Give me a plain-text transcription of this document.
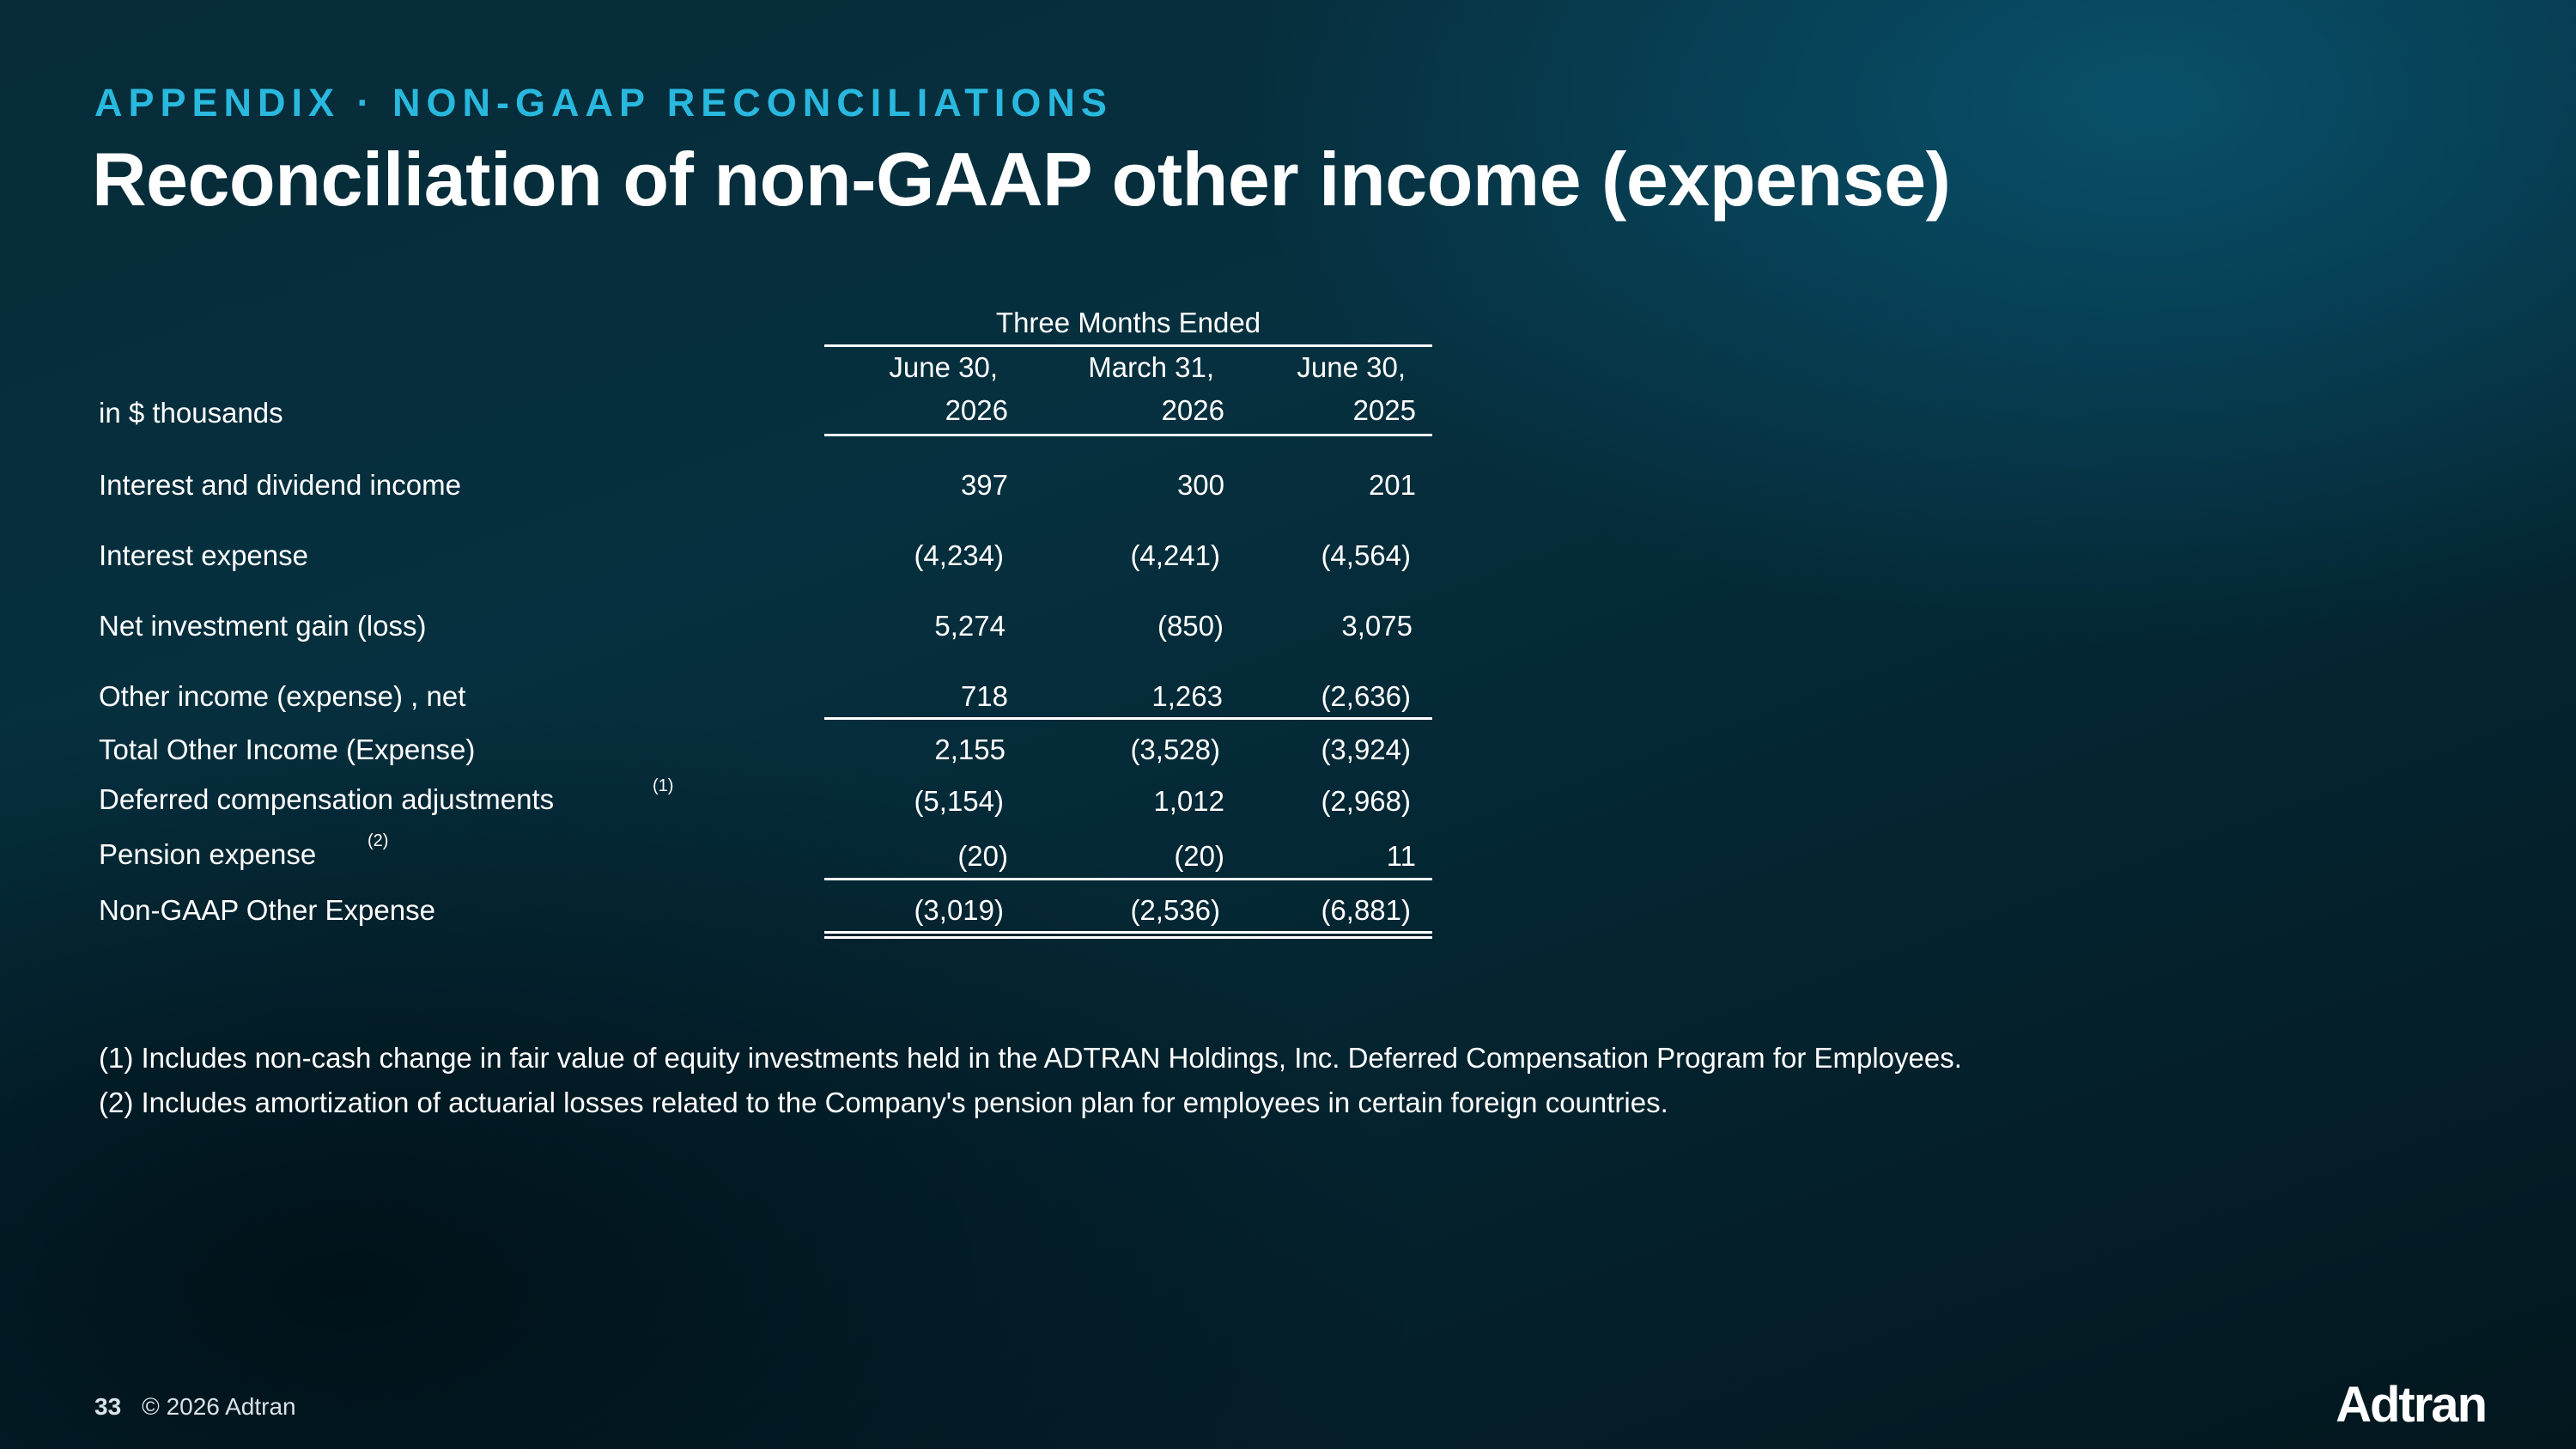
APPENDIX · NON-GAAP RECONCILIATIONS
Reconciliation of non-GAAP other income (expense)
Three Months Ended
June 30,
2026
March 31,
2026
June 30,
2025
in $ thousands
Interest and dividend income	397	300	201
Interest expense	(4,234)	(4,241)	(4,564)
Net investment gain (loss)	5,274	(850)	3,075
Other income (expense) , net	718	1,263	(2,636)
Total Other Income (Expense)	2,155	(3,528)	(3,924)
Deferred compensation adjustments	(1)	(5,154)	1,012	(2,968)
Pension expense	(2)	(20)	(20)	11
Non-GAAP Other Expense	(3,019)	(2,536)	(6,881)
(1) Includes non-cash change in fair value of equity investments held in the ADTRAN Holdings, Inc. Deferred Compensation Program for Employees.
(2) Includes amortization of actuarial losses related to the Company's pension plan for employees in certain foreign countries.
33 © 2026 Adtran	Adtran
